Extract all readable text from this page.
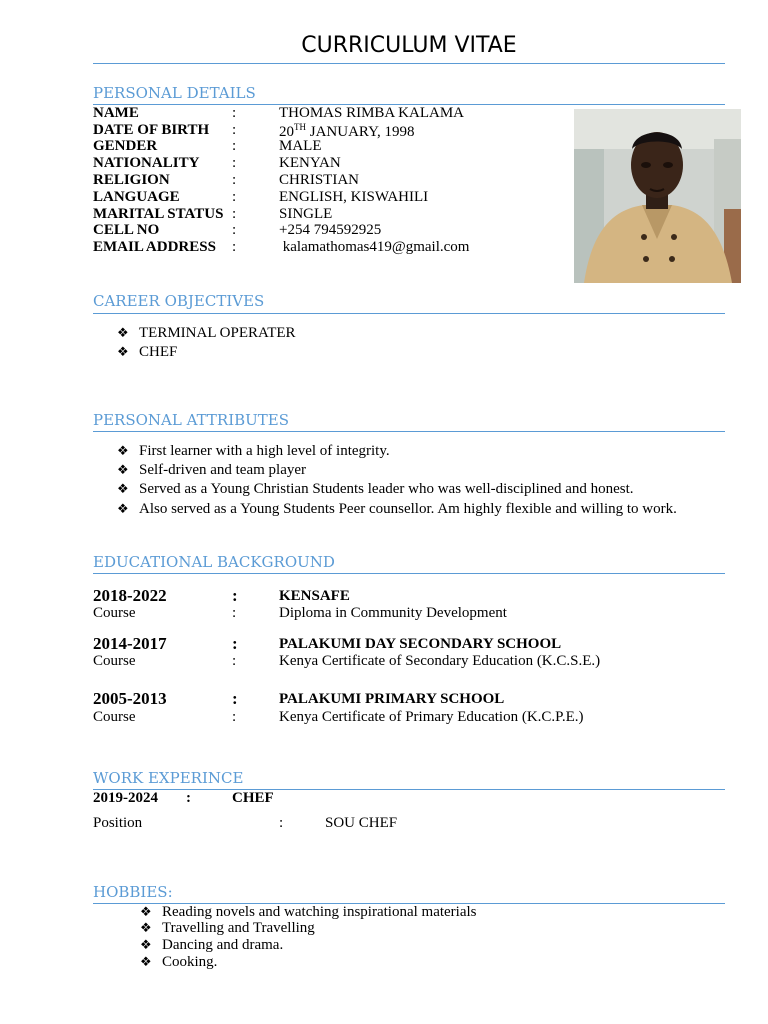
CURRICULUM VITAE
PERSONAL DETAILS
NAME	:	THOMAS RIMBA KALAMA
DATE OF BIRTH :	20TH JANUARY, 1998
GENDER	:	MALE
NATIONALITY :	KENYAN
RELIGION	:	CHRISTIAN
LANGUAGE	:	ENGLISH, KISWAHILI
MARITAL STATUS :	SINGLE
CELL NO	:	+254 794592925
EMAIL ADDRESS :	kalamathomas419@gmail.com
CAREER OBJECTIVES
❖ TERMINAL OPERATER
❖ CHEF
PERSONAL ATTRIBUTES
❖ First learner with a high level of integrity.
❖ Self-driven and team player
❖ Served as a Young Christian Students leader who was well-disciplined and honest.
❖ Also served as a Young Students Peer counsellor. Am highly flexible and willing to work.
EDUCATIONAL BACKGROUND
2018-2022	:	KENSAFE
Course	:	Diploma in Community Development
2014-2017	:	PALAKUMI DAY SECONDARY SCHOOL
Course	:	Kenya Certificate of Secondary Education (K.C.S.E.)
2005-2013	:	PALAKUMI PRIMARY SCHOOL
Course	:	Kenya Certificate of Primary Education (K.C.P.E.)
WORK EXPERINCE
2019-2024 :	CHEF
Position	:	SOU CHEF
HOBBIES:
❖ Reading novels and watching inspirational materials
❖ Travelling and Travelling
❖ Dancing and drama.
❖ Cooking.
